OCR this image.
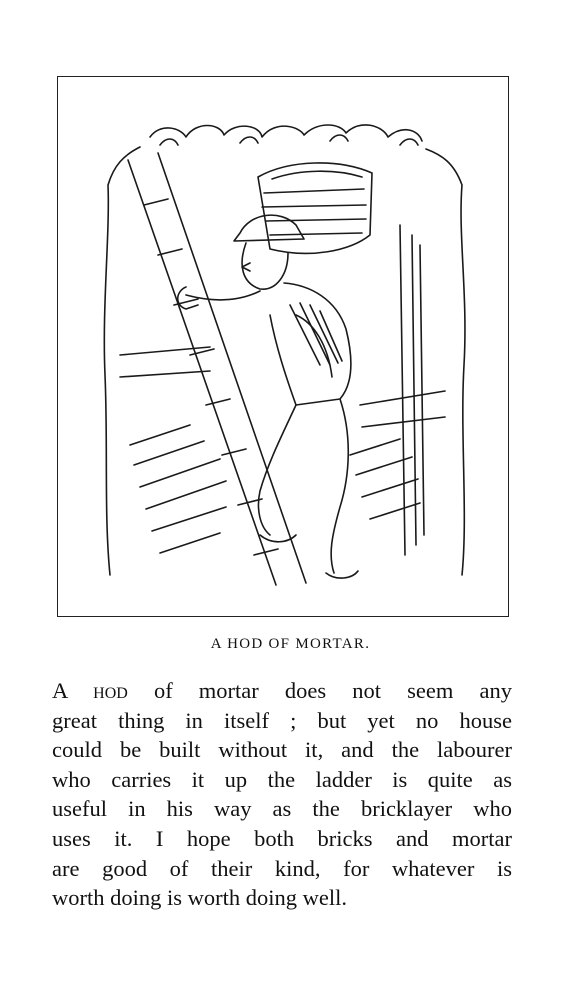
A HOD OF MORTAR.
A hod of mortar does not seem any
great thing in itself ; but yet no house
could be built without it, and the labourer
who carries it up the ladder is quite as
useful in his way as the bricklayer who
uses it. I hope both bricks and mortar
are good of their kind, for whatever is
worth doing is worth doing well.
